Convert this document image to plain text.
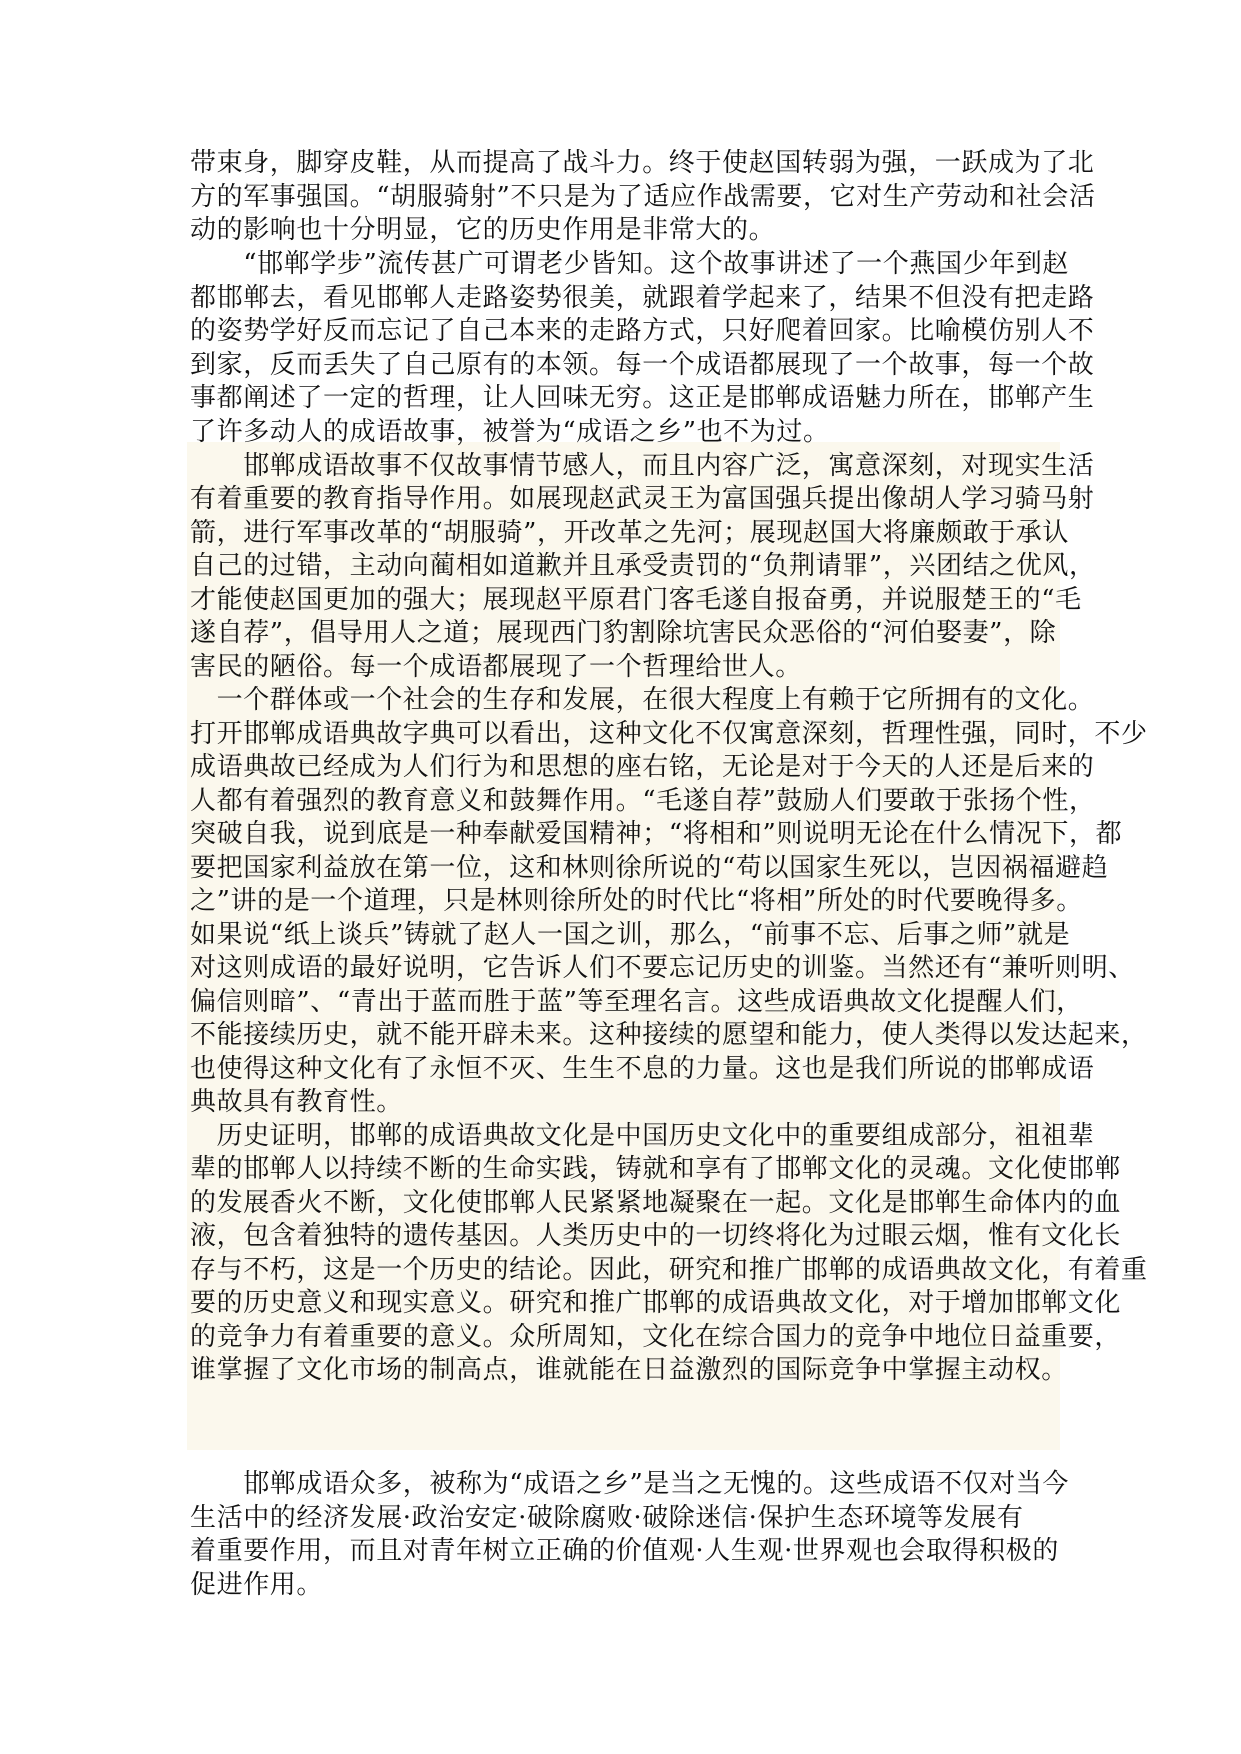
带束身，脚穿皮鞋，从而提高了战斗力。终于使赵国转弱为强，一跃成为了北
方的军事强国。“胡服骑射”不只是为了适应作战需要，它对生产劳动和社会活
动的影响也十分明显，它的历史作用是非常大的。
　　“邯郸学步”流传甚广可谓老少皆知。这个故事讲述了一个燕国少年到赵
都邯郸去，看见邯郸人走路姿势很美，就跟着学起来了，结果不但没有把走路
的姿势学好反而忘记了自己本来的走路方式，只好爬着回家。比喻模仿别人不
到家，反而丢失了自己原有的本领。每一个成语都展现了一个故事，每一个故
事都阐述了一定的哲理，让人回味无穷。这正是邯郸成语魅力所在，邯郸产生
了许多动人的成语故事，被誉为“成语之乡”也不为过。
　　邯郸成语故事不仅故事情节感人，而且内容广泛，寓意深刻，对现实生活
有着重要的教育指导作用。如展现赵武灵王为富国强兵提出像胡人学习骑马射
箭，进行军事改革的“胡服骑”，开改革之先河；展现赵国大将廉颇敢于承认
自己的过错，主动向蔺相如道歉并且承受责罚的“负荆请罪”，兴团结之优风，
才能使赵国更加的强大；展现赵平原君门客毛遂自报奋勇，并说服楚王的“毛
遂自荐”，倡导用人之道；展现西门豹割除坑害民众恶俗的“河伯娶妻”，除
害民的陋俗。每一个成语都展现了一个哲理给世人。
　一个群体或一个社会的生存和发展，在很大程度上有赖于它所拥有的文化。
打开邯郸成语典故字典可以看出，这种文化不仅寓意深刻，哲理性强，同时，不少
成语典故已经成为人们行为和思想的座右铭，无论是对于今天的人还是后来的
人都有着强烈的教育意义和鼓舞作用。“毛遂自荐”鼓励人们要敢于张扬个性，
突破自我，说到底是一种奉献爱国精神；“将相和”则说明无论在什么情况下，都
要把国家利益放在第一位，这和林则徐所说的“苟以国家生死以，岂因祸福避趋
之”讲的是一个道理，只是林则徐所处的时代比“将相”所处的时代要晚得多。
如果说“纸上谈兵”铸就了赵人一国之训，那么，“前事不忘、后事之师”就是
对这则成语的最好说明，它告诉人们不要忘记历史的训鉴。当然还有“兼听则明、
偏信则暗”、“青出于蓝而胜于蓝”等至理名言。这些成语典故文化提醒人们，
不能接续历史，就不能开辟未来。这种接续的愿望和能力，使人类得以发达起来，
也使得这种文化有了永恒不灭、生生不息的力量。这也是我们所说的邯郸成语
典故具有教育性。
　历史证明，邯郸的成语典故文化是中国历史文化中的重要组成部分，祖祖辈
辈的邯郸人以持续不断的生命实践，铸就和享有了邯郸文化的灵魂。文化使邯郸
的发展香火不断，文化使邯郸人民紧紧地凝聚在一起。文化是邯郸生命体内的血
液，包含着独特的遗传基因。人类历史中的一切终将化为过眼云烟，惟有文化长
存与不朽，这是一个历史的结论。因此，研究和推广邯郸的成语典故文化，有着重
要的历史意义和现实意义。研究和推广邯郸的成语典故文化，对于增加邯郸文化
的竞争力有着重要的意义。众所周知，文化在综合国力的竞争中地位日益重要，
谁掌握了文化市场的制高点，谁就能在日益激烈的国际竞争中掌握主动权。
　　邯郸成语众多，被称为“成语之乡”是当之无愧的。这些成语不仅对当今
生活中的经济发展·政治安定·破除腐败·破除迷信·保护生态环境等发展有
着重要作用，而且对青年树立正确的价值观·人生观·世界观也会取得积极的
促进作用。
